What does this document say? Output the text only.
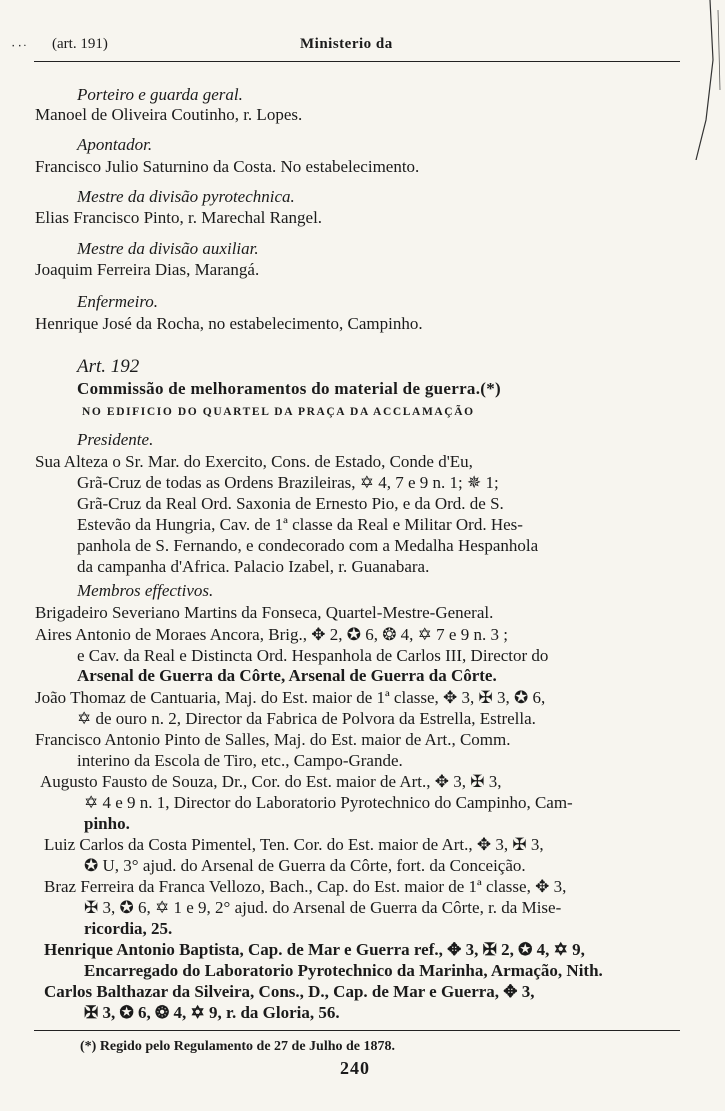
٠٠· (art. 191)	Ministerio da
Porteiro e guarda geral.
Manoel de Oliveira Coutinho, r. Lopes.
Apontador.
Francisco Julio Saturnino da Costa. No estabelecimento.
Mestre da divisão pyrotechnica.
Elias Francisco Pinto, r. Marechal Rangel.
Mestre da divisão auxiliar.
Joaquim Ferreira Dias, Marangá.
Enfermeiro.
Henrique José da Rocha, no estabelecimento, Campinho.
Art. 192
Commissão de melhoramentos do material de guerra.(*)
NO EDIFICIO DO QUARTEL DA PRAÇA DA ACCLAMAÇÃO
Presidente.
Sua Alteza o Sr. Mar. do Exercito, Cons. de Estado, Conde d'Eu,
Grã-Cruz de todas as Ordens Brazileiras, ✡ 4, 7 e 9 n. 1; ✵ 1;
Grã-Cruz da Real Ord. Saxonia de Ernesto Pio, e da Ord. de S.
Estevão da Hungria, Cav. de 1ª classe da Real e Militar Ord. Hes-
panhola de S. Fernando, e condecorado com a Medalha Hespanhola
da campanha d'Africa. Palacio Izabel, r. Guanabara.
Membros effectivos.
Brigadeiro Severiano Martins da Fonseca, Quartel-Mestre-General.
Aires Antonio de Moraes Ancora, Brig., ✥ 2, ✪ 6, ❂ 4, ✡ 7 e 9 n. 3 ;
e Cav. da Real e Distincta Ord. Hespanhola de Carlos III, Director do
Arsenal de Guerra da Côrte, Arsenal de Guerra da Côrte.
João Thomaz de Cantuaria, Maj. do Est. maior de 1ª classe, ✥ 3, ✠ 3, ✪ 6,
✡ de ouro n. 2, Director da Fabrica de Polvora da Estrella, Estrella.
Francisco Antonio Pinto de Salles, Maj. do Est. maior de Art., Comm.
interino da Escola de Tiro, etc., Campo-Grande.
Augusto Fausto de Souza, Dr., Cor. do Est. maior de Art., ✥ 3, ✠ 3,
✡ 4 e 9 n. 1, Director do Laboratorio Pyrotechnico do Campinho, Cam-
pinho.
Luiz Carlos da Costa Pimentel, Ten. Cor. do Est. maior de Art., ✥ 3, ✠ 3,
✪ U, 3° ajud. do Arsenal de Guerra da Côrte, fort. da Conceição.
Braz Ferreira da Franca Vellozo, Bach., Cap. do Est. maior de 1ª classe, ✥ 3,
✠ 3, ✪ 6, ✡ 1 e 9, 2° ajud. do Arsenal de Guerra da Côrte, r. da Mise-
ricordia, 25.
Henrique Antonio Baptista, Cap. de Mar e Guerra ref., ✥ 3, ✠ 2, ✪ 4, ✡ 9,
Encarregado do Laboratorio Pyrotechnico da Marinha, Armação, Nith.
Carlos Balthazar da Silveira, Cons., D., Cap. de Mar e Guerra, ✥ 3,
✠ 3, ✪ 6, ❂ 4, ✡ 9, r. da Gloria, 56.
(*) Regido pelo Regulamento de 27 de Julho de 1878.
240
